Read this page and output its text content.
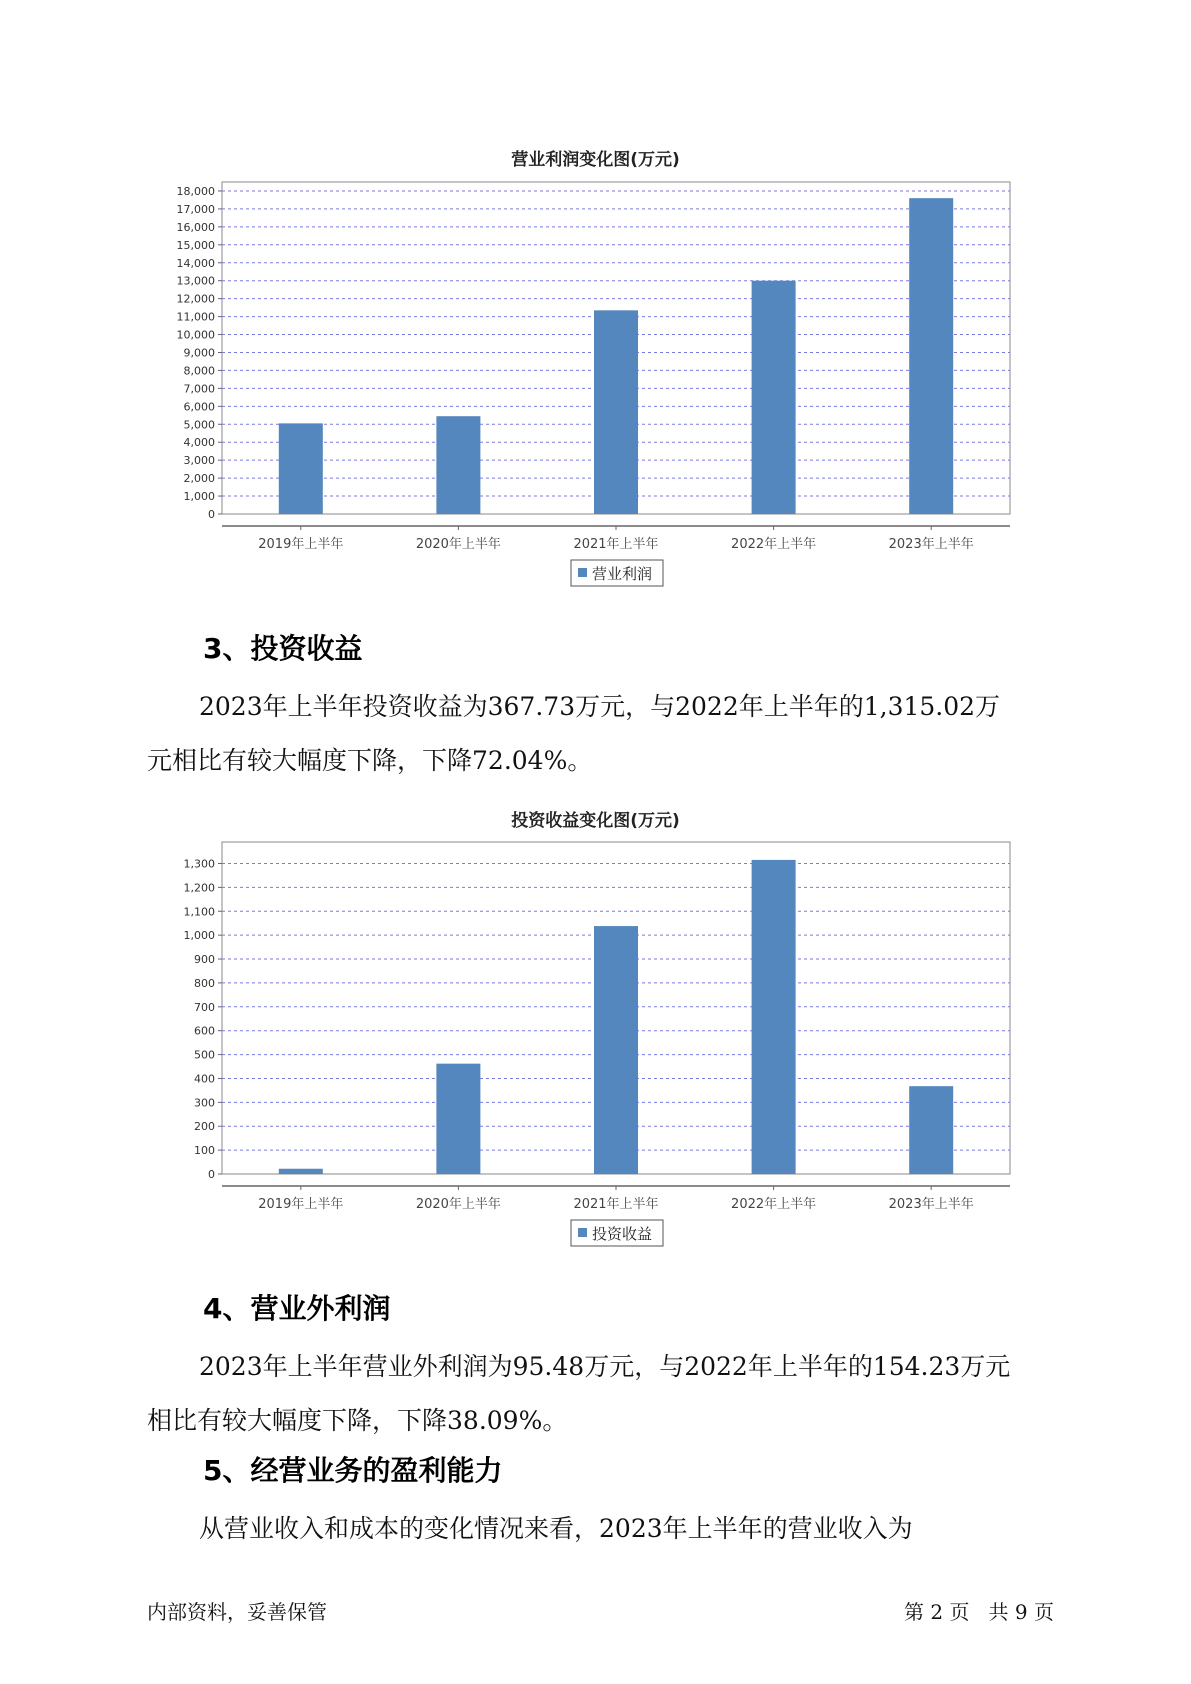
营业利润变化图(万元)
0
1,000
2,000
3,000
4,000
5,000
6,000
7,000
8,000
9,000
10,000
11,000
12,000
13,000
14,000
15,000
16,000
17,000
18,000
2019年上半年	2020年上半年	2021年上半年	2022年上半年	2023年上半年
营业利润
3、投资收益
2023年上半年投资收益为367.73万元，与2022年上半年的1,315.02万
元相比有较大幅度下降，下降72.04%。
投资收益变化图(万元)
0
100
200
300
400
500
600
700
800
900
1,000
1,100
1,200
1,300
2019年上半年	2020年上半年	2021年上半年	2022年上半年	2023年上半年
投资收益
4、营业外利润
2023年上半年营业外利润为95.48万元，与2022年上半年的154.23万元
相比有较大幅度下降，下降38.09%。
5、经营业务的盈利能力
从营业收入和成本的变化情况来看，2023年上半年的营业收入为
内部资料，妥善保管	第 2 页   共 9 页
